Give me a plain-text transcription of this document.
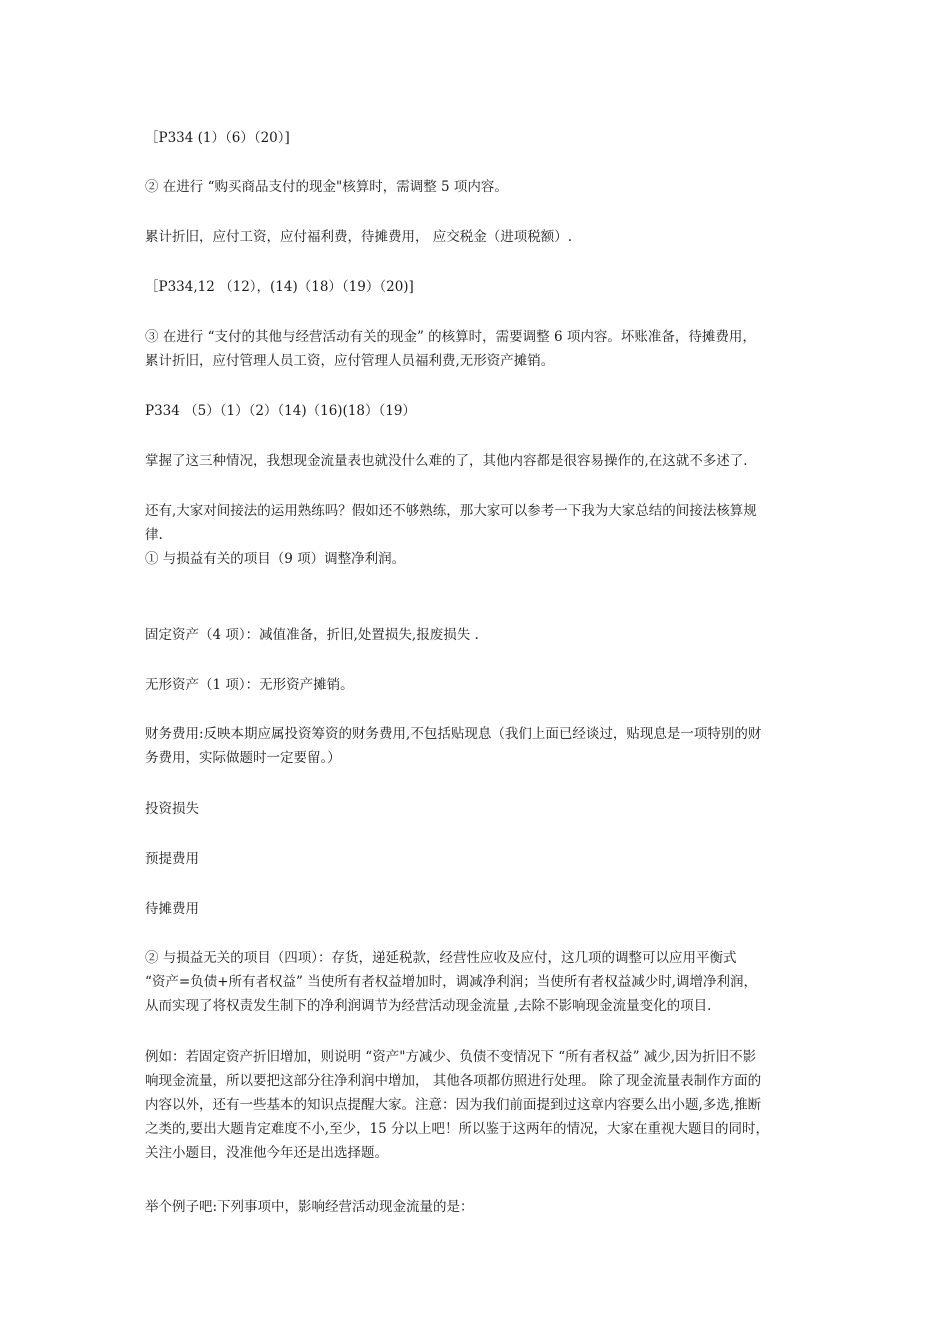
［P334 (1）（6）（20）]

② 在进行 “购买商品支付的现金"核算时，需调整 5 项内容。

累计折旧，应付工资，应付福利费，待摊费用， 应交税金（进项税额）.

［P334,12 （12），(14)（18）（19）（20)]

③ 在进行 “支付的其他与经营活动有关的现金” 的核算时，需要调整 6 项内容。坏账准备，待摊费用，
累计折旧，应付管理人员工资，应付管理人员福利费,无形资产摊销。

P334 （5）（1）（2）（14)（16)(18）（19）

掌握了这三种情况，我想现金流量表也就没什么难的了，其他内容都是很容易操作的,在这就不多述了.

还有,大家对间接法的运用熟练吗？假如还不够熟练，那大家可以参考一下我为大家总结的间接法核算规
律.
① 与损益有关的项目（9 项）调整净利润。

固定资产（4 项）：减值准备，折旧,处置损失,报废损失 .

无形资产（1 项）：无形资产摊销。

财务费用:反映本期应属投资筹资的财务费用,不包括贴现息（我们上面已经谈过，贴现息是一项特别的财
务费用，实际做题时一定要留。）

投资损失

预提费用

待摊费用

② 与损益无关的项目（四项）：存货，递延税款，经营性应收及应付，这几项的调整可以应用平衡式
“资产=负债+所有者权益” 当使所有者权益增加时，调减净利润；当使所有者权益减少时,调增净利润，
从而实现了将权责发生制下的净利润调节为经营活动现金流量 ,去除不影响现金流量变化的项目.

例如：若固定资产折旧增加，则说明 “资产"方减少、负债不变情况下 “所有者权益” 减少,因为折旧不影
响现金流量，所以要把这部分往净利润中增加， 其他各项都仿照进行处理。 除了现金流量表制作方面的
内容以外，还有一些基本的知识点提醒大家。注意：因为我们前面提到过这章内容要么出小题,多选,推断
之类的,要出大题肯定难度不小,至少，15 分以上吧！所以鉴于这两年的情况，大家在重视大题目的同时，
关注小题目，没准他今年还是出选择题。

举个例子吧:下列事项中，影响经营活动现金流量的是：
